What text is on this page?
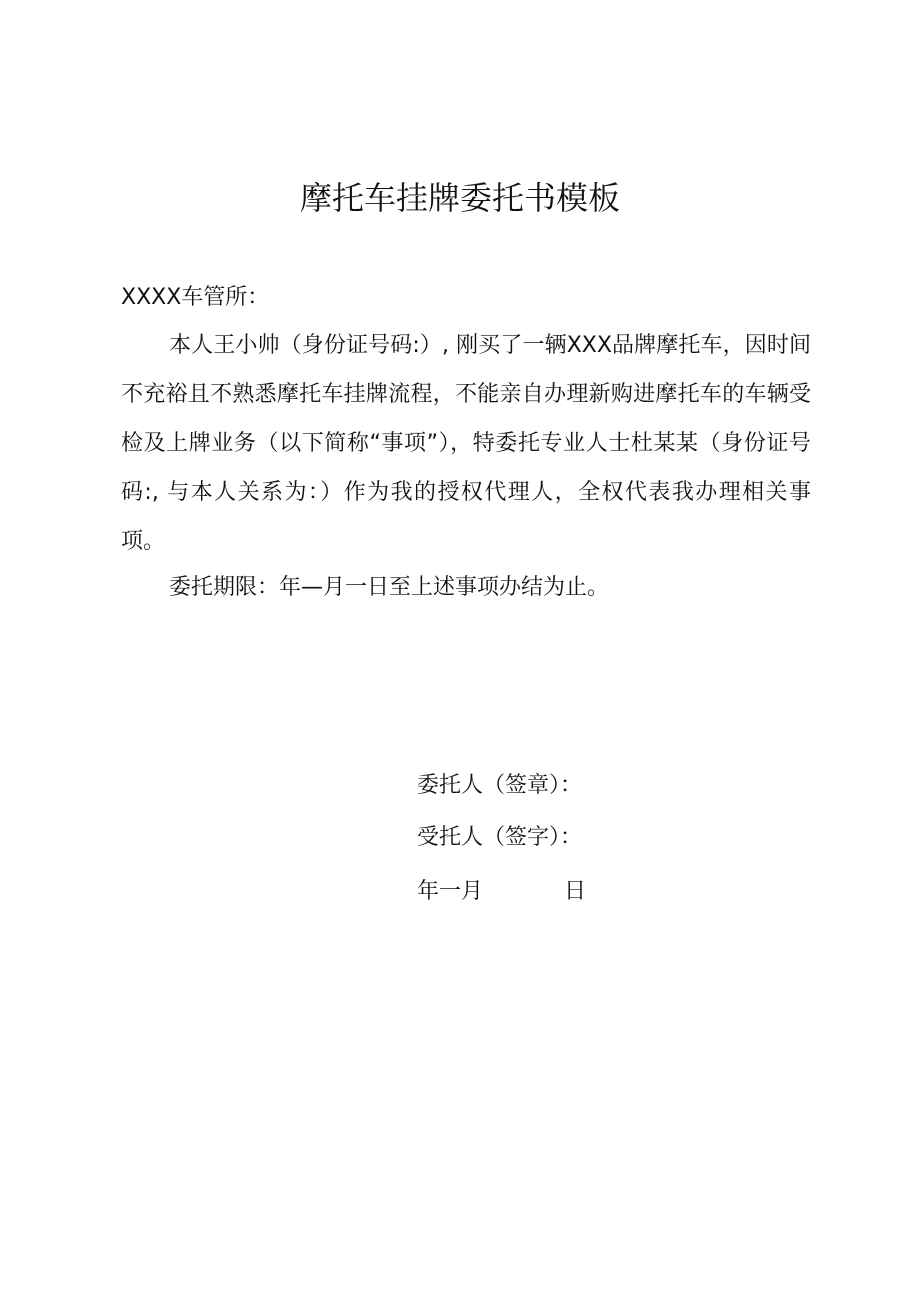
摩托车挂牌委托书模板

XXXX车管所：

本人王小帅（身份证号码:）, 刚买了一辆XXX品牌摩托车，因时间不充裕且不熟悉摩托车挂牌流程，不能亲自办理新购进摩托车的车辆受检及上牌业务（以下简称“事项”），特委托专业人士杜某某（身份证号码:, 与本人关系为：）作为我的授权代理人，全权代表我办理相关事项。

委托期限：年—月一日至上述事项办结为止。

委托人（签章）：

受托人（签字）：

年一月	日
